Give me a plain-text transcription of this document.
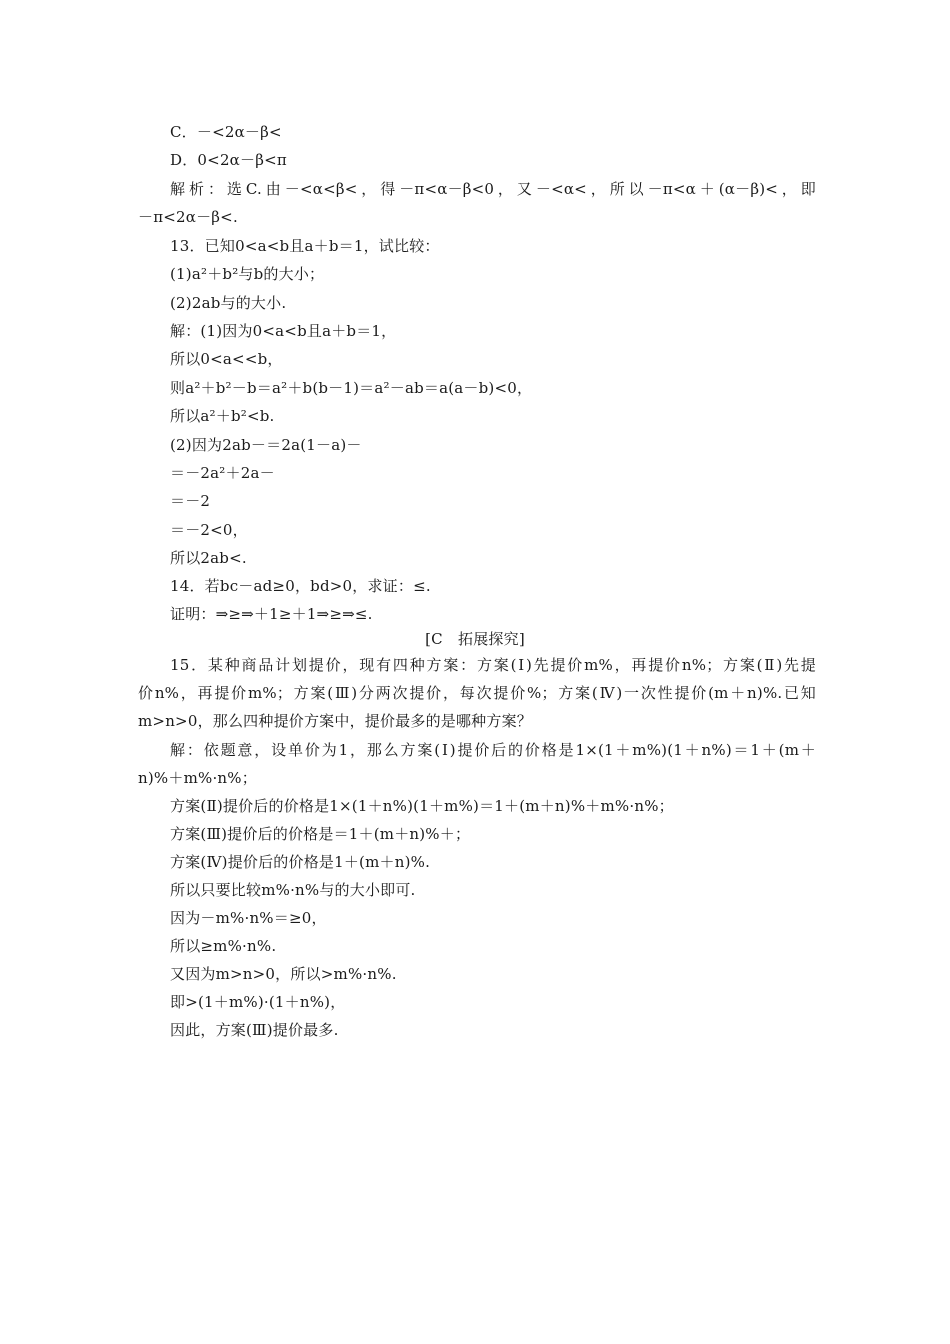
C．－<2α－β<
D．0<2α－β<π
解析：选C.由－<α<β<，得－π<α－β<0，又－<α<，所以－π<α＋(α－β)<，即
－π<2α－β<.
13．已知0<a<b且a＋b＝1，试比较：
(1)a²＋b²与b的大小；
(2)2ab与的大小.
解：(1)因为0<a<b且a＋b＝1，
所以0<a<<b，
则a²＋b²－b＝a²＋b(b－1)＝a²－ab＝a(a－b)<0，
所以a²＋b²<b.
(2)因为2ab－＝2a(1－a)－
＝－2a²＋2a－
＝－2
＝－2<0，
所以2ab<.
14．若bc－ad≥0，bd>0，求证：≤.
证明：⇒≥⇒＋1≥＋1⇒≥⇒≤.
[C　拓展探究]
15．某种商品计划提价，现有四种方案：方案(Ⅰ)先提价m%，再提价n%；方案(Ⅱ)先提
价n%，再提价m%；方案(Ⅲ)分两次提价，每次提价%；方案(Ⅳ)一次性提价(m＋n)%.已知
m>n>0，那么四种提价方案中，提价最多的是哪种方案？
解：依题意，设单价为1，那么方案(Ⅰ)提价后的价格是1×(1＋m%)(1＋n%)＝1＋(m＋
n)%＋m%·n%；
方案(Ⅱ)提价后的价格是1×(1＋n%)(1＋m%)＝1＋(m＋n)%＋m%·n%；
方案(Ⅲ)提价后的价格是＝1＋(m＋n)%＋；
方案(Ⅳ)提价后的价格是1＋(m＋n)%.
所以只要比较m%·n%与的大小即可.
因为－m%·n%＝≥0，
所以≥m%·n%.
又因为m>n>0，所以>m%·n%.
即>(1＋m%)·(1＋n%)，
因此，方案(Ⅲ)提价最多.
